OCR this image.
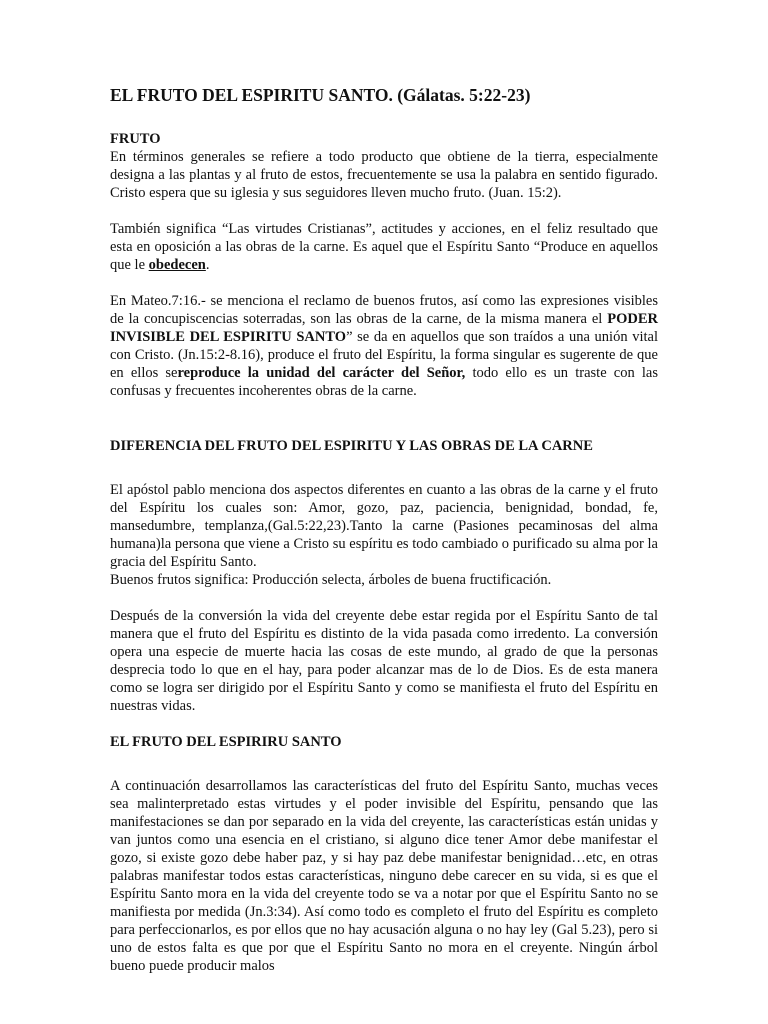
EL FRUTO DEL ESPIRITU SANTO. (Gálatas. 5:22-23)
FRUTO

En términos generales se refiere a todo producto que obtiene de la tierra, especialmente designa a las plantas y al fruto de estos, frecuentemente se usa la palabra en sentido figurado. Cristo espera que su iglesia y sus seguidores lleven mucho fruto. (Juan. 15:2).

También significa “Las virtudes Cristianas”, actitudes y acciones, en el feliz resultado que esta en oposición a las obras de la carne. Es aquel que el Espíritu Santo “Produce en aquellos que le obedecen.

En Mateo.7:16.- se menciona el reclamo de buenos frutos, así como las expresiones visibles de la concupiscencias soterradas, son las obras de la carne, de la misma manera el PODER INVISIBLE DEL ESPIRITU SANTO” se da en aquellos que son traídos a una unión vital con Cristo. (Jn.15:2-8.16), produce el fruto del Espíritu, la forma singular es sugerente de que en ellos sereproduce la unidad del carácter del Señor, todo ello es un traste con las confusas y frecuentes incoherentes obras de la carne.

DIFERENCIA DEL FRUTO DEL ESPIRITU Y LAS OBRAS DE LA CARNE

El apóstol pablo menciona dos aspectos diferentes en cuanto a las obras de la carne y el fruto del Espíritu los cuales son: Amor, gozo, paz, paciencia, benignidad, bondad, fe, mansedumbre, templanza,(Gal.5:22,23).Tanto la carne (Pasiones pecaminosas del alma humana)la persona que viene a Cristo su espíritu es todo cambiado o purificado su alma por la gracia del Espíritu Santo.

Buenos frutos significa: Producción selecta, árboles de buena fructificación.

Después de la conversión la vida del creyente debe estar regida por el Espíritu Santo de tal manera que el fruto del Espíritu es distinto de la vida pasada como irredento. La conversión opera una especie de muerte hacia las cosas de este mundo, al grado de que la personas desprecia todo lo que en el hay, para poder alcanzar mas de lo de Dios. Es de esta manera como se logra ser dirigido por el Espíritu Santo y como se manifiesta el fruto del Espíritu en nuestras vidas.

EL FRUTO DEL ESPIRIRU SANTO

A continuación desarrollamos las características del fruto del Espíritu Santo, muchas veces sea malinterpretado estas virtudes y el poder invisible del Espíritu, pensando que las manifestaciones se dan por separado en la vida del creyente, las características están unidas y van juntos como una esencia en el cristiano, si alguno dice tener Amor debe manifestar el gozo, si existe gozo debe haber paz, y si hay paz debe manifestar benignidad…etc, en otras palabras manifestar todos estas características, ninguno debe carecer en su vida, si es que el Espíritu Santo mora en la vida del creyente todo se va a notar por que el Espíritu Santo no se manifiesta por medida (Jn.3:34). Así como todo es completo el fruto del Espíritu es completo para perfeccionarlos, es por ellos que no hay acusación alguna o no hay ley (Gal 5.23), pero si uno de estos falta es que por que el Espíritu Santo no mora en el creyente. Ningún árbol bueno puede producir malos
